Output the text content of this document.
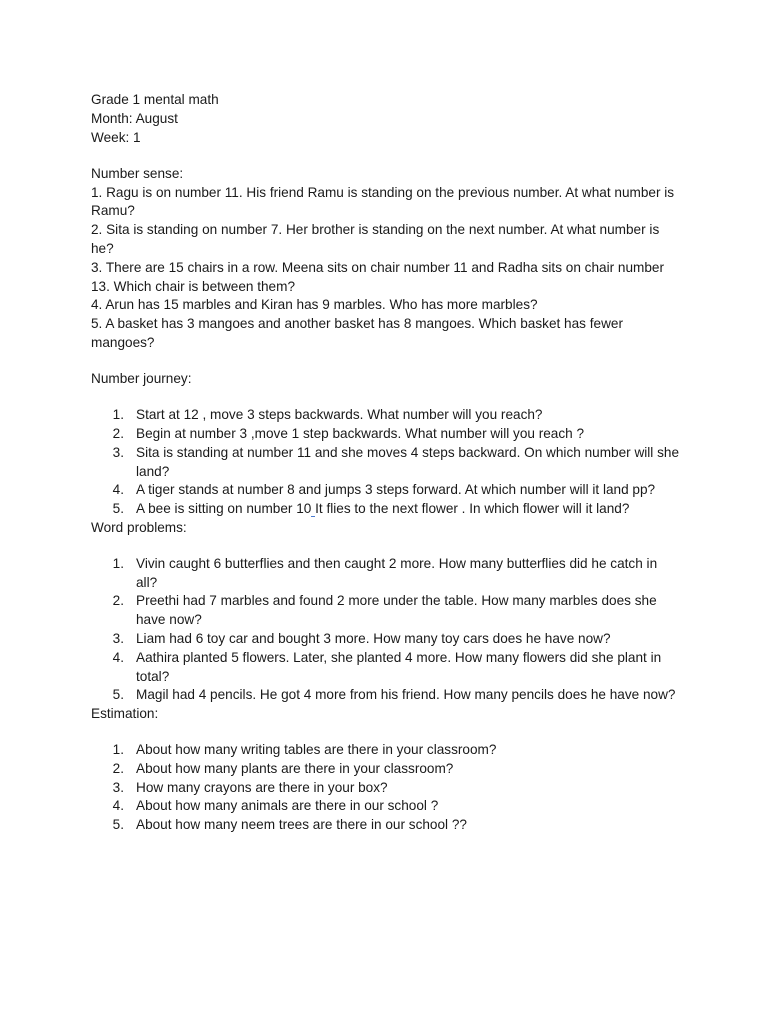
Grade 1 mental math

Month: August

Week: 1

Number sense:

1. Ragu is on number 11. His friend Ramu is standing on the previous number. At what number is Ramu?

2. Sita is standing on number 7. Her brother is standing on the next number. At what number is he?

3. There are 15 chairs in a row. Meena sits on chair number 11 and Radha sits on chair number 13. Which chair is between them?

4. Arun has 15 marbles and Kiran has 9 marbles. Who has more marbles?

5. A basket has 3 mangoes and another basket has 8 mangoes. Which basket has fewer mangoes?

Number journey:

1. Start at 12 , move 3 steps backwards. What number will you reach?
2. Begin at number 3 ,move 1 step backwards. What number will you reach ?
3. Sita is standing at number 11 and she moves 4 steps backward. On which number will she land?
4. A tiger stands at number 8 and jumps 3 steps forward. At which number will it land pp?
5. A bee is sitting on number 10 It flies to the next flower . In which flower will it land?

Word problems:

1. Vivin caught 6 butterflies and then caught 2 more. How many butterflies did he catch in all?
2. Preethi had 7 marbles and found 2 more under the table. How many marbles does she have now?
3. Liam had 6 toy car and bought 3 more. How many toy cars does he have now?
4. Aathira planted 5 flowers. Later, she planted 4 more. How many flowers did she plant in total?
5. Magil had 4 pencils. He got 4 more from his friend. How many pencils does he have now?

Estimation:

1. About how many writing tables are there in your classroom?
2. About how many plants are there in your classroom?
3. How many crayons are there in your box?
4. About how many animals are there in our school ?
5. About how many neem trees are there in our school ??
